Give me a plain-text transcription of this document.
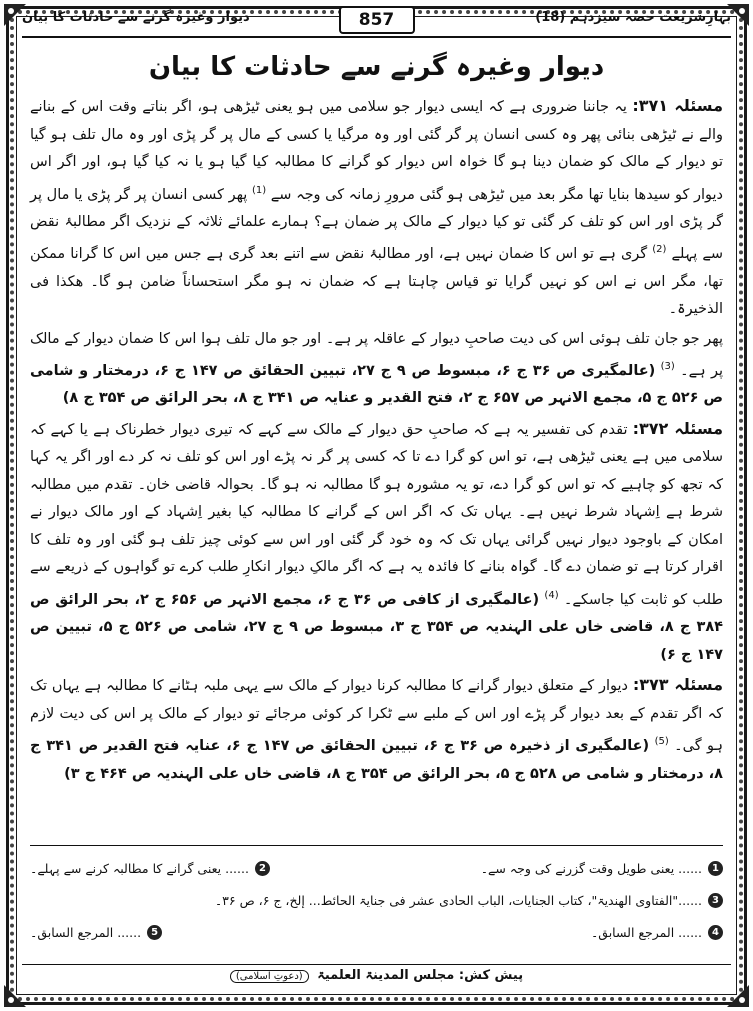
بہارِشریعت حصہ سیزدہم (18)
857
دیوار وغیرہ گرنے سے حادثات کا بیان
دیوار وغیرہ گرنے سے حادثات کا بیان

مسئلہ ۳۷۱: یہ جاننا ضروری ہے کہ ایسی دیوار جو سلامی میں ہو یعنی ٹیڑھی ہو، اگر بناتے وقت اس کے بنانے والے نے ٹیڑھی بنائی پھر وہ کسی انسان پر گر گئی اور وہ مرگیا یا کسی کے مال پر گر پڑی اور وہ مال تلف ہو گیا تو دیوار کے مالک کو ضمان دینا ہو گا خواہ اس دیوار کو گرانے کا مطالبہ کیا گیا ہو یا نہ کیا گیا ہو، اور اگر اس دیوار کو سیدھا بنایا تھا مگر بعد میں ٹیڑھی ہو گئی مرورِ زمانہ کی وجہ سے $^{(1)}$ پھر کسی انسان پر گر پڑی یا مال پر گر پڑی اور اس کو تلف کر گئی تو کیا دیوار کے مالک پر ضمان ہے؟ ہمارے علمائے ثلاثہ کے نزدیک اگر مطالبۂ نقض سے پہلے $^{(2)}$ گری ہے تو اس کا ضمان نہیں ہے، اور مطالبۂ نقض سے اتنے بعد گری ہے جس میں اس کا گرانا ممکن تھا، مگر اس نے اس کو نہیں گرایا تو قیاس چاہتا ہے کہ ضمان نہ ہو مگر استحساناً ضامن ہو گا۔ ھکذا فی الذخیرۃ۔

پھر جو جان تلف ہوئی اس کی دیت صاحبِ دیوار کے عاقلہ پر ہے۔ اور جو مال تلف ہوا اس کا ضمان دیوار کے مالک پر ہے۔ $^{(3)}$ (عالمگیری ص ۳۶ ج ۶، مبسوط ص ۹ ج ۲۷، تبیین الحقائق ص ۱۴۷ ج ۶، درمختار و شامی ص ۵۲۶ ج ۵، مجمع الانہر ص ۶۵۷ ج ۲، فتح القدیر و عنایہ ص ۳۴۱ ج ۸، بحر الرائق ص ۳۵۴ ج ۸)

مسئلہ ۳۷۲: تقدم کی تفسیر یہ ہے کہ صاحبِ حق دیوار کے مالک سے کہے کہ تیری دیوار خطرناک ہے یا کہے کہ سلامی میں ہے یعنی ٹیڑھی ہے، تو اس کو گرا دے تا کہ کسی پر گر نہ پڑے اور اس کو تلف نہ کر دے اور اگر یہ کہا کہ تجھ کو چاہیے کہ تو اس کو گرا دے، تو یہ مشورہ ہو گا مطالبہ نہ ہو گا۔ بحوالہ قاضی خان۔ تقدم میں مطالبہ شرط ہے اِشہاد شرط نہیں ہے۔ یہاں تک کہ اگر اس کے گرانے کا مطالبہ کیا بغیر اِشہاد کے اور مالک دیوار نے امکان کے باوجود دیوار نہیں گرائی یہاں تک کہ وہ خود گر گئی اور اس سے کوئی چیز تلف ہو گئی اور وہ تلف کا اقرار کرتا ہے تو ضمان دے گا۔ گواہ بنانے کا فائدہ یہ ہے کہ اگر مالکِ دیوار انکارِ طلب کرے تو گواہوں کے ذریعے سے طلب کو ثابت کیا جاسکے۔ $^{(4)}$ (عالمگیری از کافی ص ۳۶ ج ۶، مجمع الانہر ص ۶۵۶ ج ۲، بحر الرائق ص ۳۸۴ ج ۸، قاضی خاں علی الہندیہ ص ۳۵۴ ج ۳، مبسوط ص ۹ ج ۲۷، شامی ص ۵۲۶ ج ۵، تبیین ص ۱۴۷ ج ۶)

مسئلہ ۳۷۳: دیوار کے متعلق دیوار گرانے کا مطالبہ کرنا دیوار کے مالک سے یہی ملبہ ہٹانے کا مطالبہ ہے یہاں تک کہ اگر تقدم کے بعد دیوار گر پڑے اور اس کے ملبے سے ٹکرا کر کوئی مرجائے تو دیوار کے مالک پر اس کی دیت لازم ہو گی۔ $^{(5)}$ (عالمگیری از ذخیرہ ص ۳۶ ج ۶، تبیین الحقائق ص ۱۴۷ ج ۶، عنایہ فتح القدیر ص ۳۴۱ ج ۸، درمختار و شامی ص ۵۲۸ ج ۵، بحر الرائق ص ۳۵۴ ج ۸، قاضی خاں علی الہندیہ ص ۴۶۴ ج ۳)

1
...... یعنی طویل وقت گزرنے کی وجہ سے۔
2
...... یعنی گرانے کا مطالبہ کرنے سے پہلے۔
3
......"الفتاوی الھندیۃ"، کتاب الجنایات، الباب الحادی عشر فی جنایۃ الحائط... إلخ، ج ۶، ص ۳۶۔
4
...... المرجع السابق۔
5
...... المرجع السابق۔
پیش کش: مجلس المدینۃ العلمیۃ (دعوتِ اسلامی)
